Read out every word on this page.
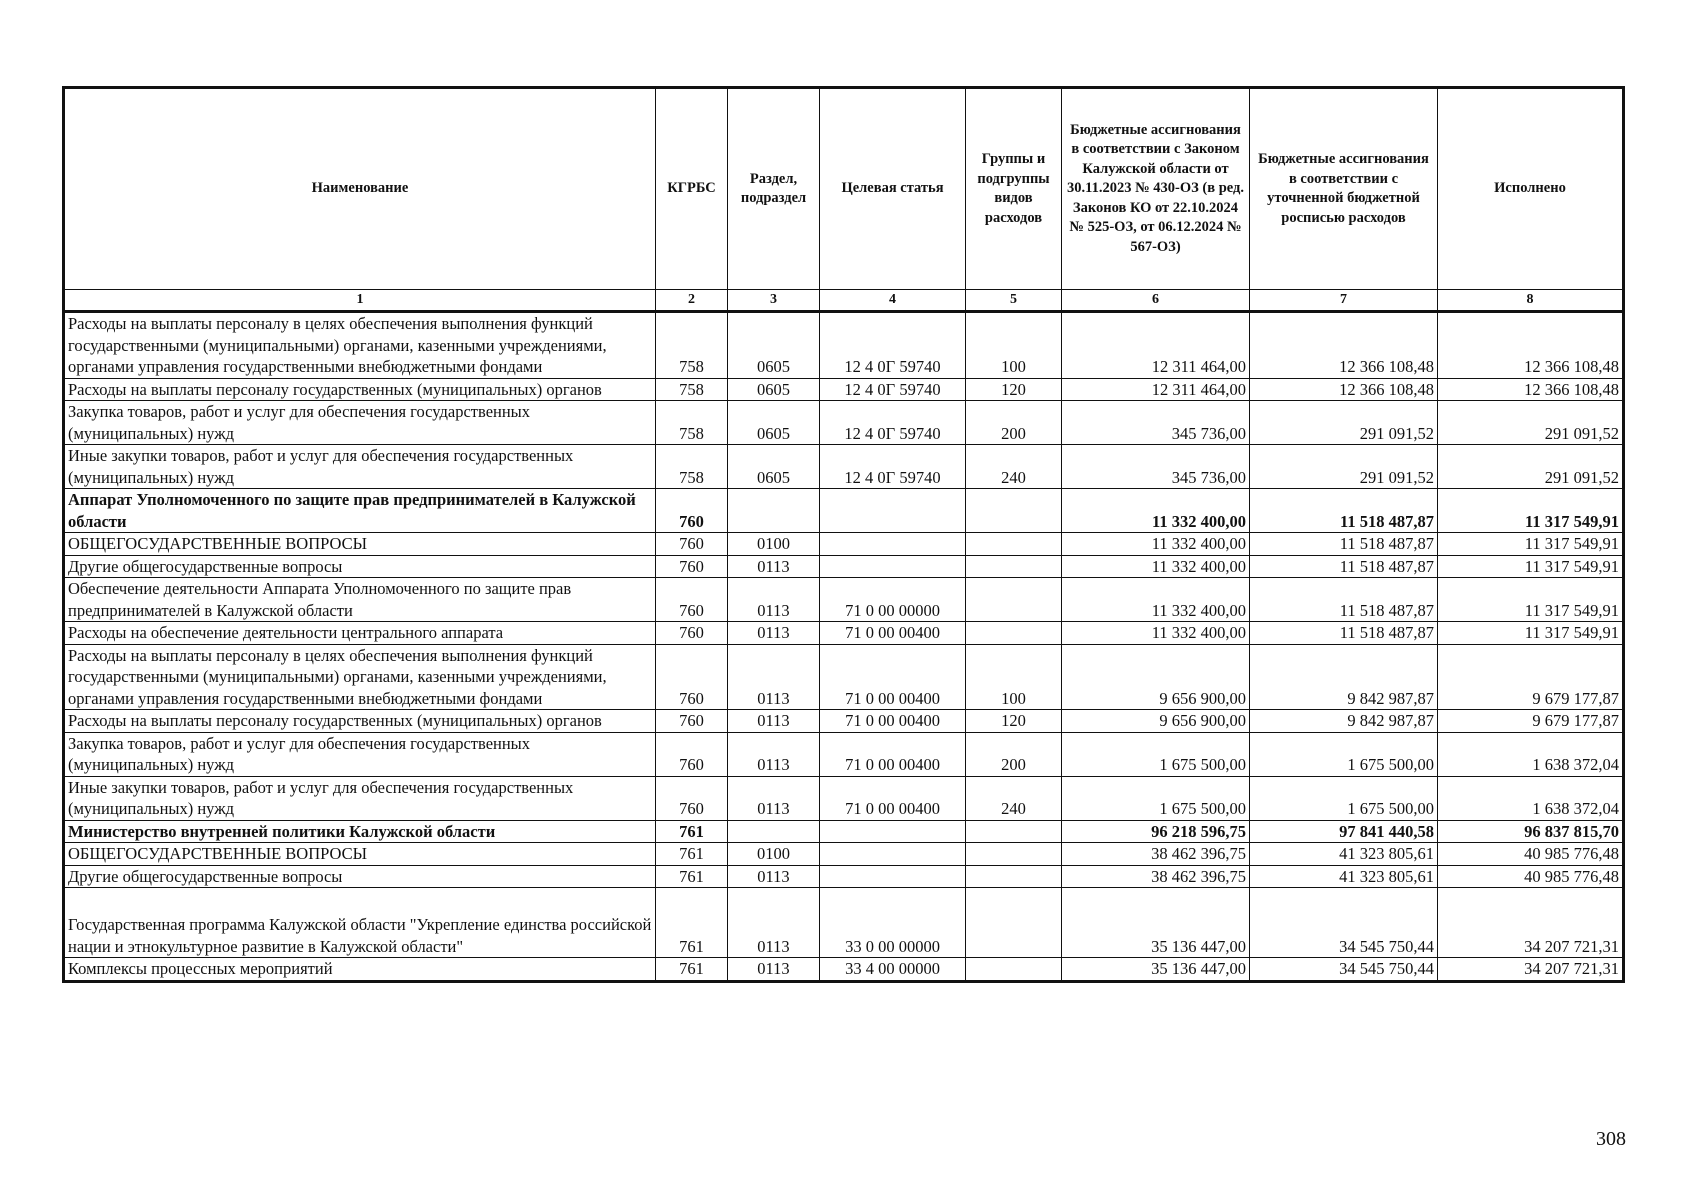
Наименование	КГРБС	Раздел, подраздел	Целевая статья	Группы и подгруппы видов расходов	Бюджетные ассигнования в соответствии с Законом Калужской области от 30.11.2023 № 430-ОЗ (в ред. Законов КО от 22.10.2024 № 525-ОЗ, от 06.12.2024 № 567-ОЗ)	Бюджетные ассигнования в соответствии с уточненной бюджетной росписью расходов	Исполнено
1	2	3	4	5	6	7	8
Расходы на выплаты персоналу в целях обеспечения выполнения функций государственными (муниципальными) органами, казенными учреждениями, органами управления государственными внебюджетными фондами	758	0605	12 4 0Г 59740	100	12 311 464,00	12 366 108,48	12 366 108,48
Расходы на выплаты персоналу государственных (муниципальных) органов	758	0605	12 4 0Г 59740	120	12 311 464,00	12 366 108,48	12 366 108,48
Закупка товаров, работ и услуг для обеспечения государственных (муниципальных) нужд	758	0605	12 4 0Г 59740	200	345 736,00	291 091,52	291 091,52
Иные закупки товаров, работ и услуг для обеспечения государственных (муниципальных) нужд	758	0605	12 4 0Г 59740	240	345 736,00	291 091,52	291 091,52
Аппарат Уполномоченного по защите прав предпринимателей в Калужской области	760				11 332 400,00	11 518 487,87	11 317 549,91
ОБЩЕГОСУДАРСТВЕННЫЕ ВОПРОСЫ	760	0100			11 332 400,00	11 518 487,87	11 317 549,91
Другие общегосударственные вопросы	760	0113			11 332 400,00	11 518 487,87	11 317 549,91
Обеспечение деятельности Аппарата Уполномоченного по защите прав предпринимателей в Калужской области	760	0113	71 0 00 00000		11 332 400,00	11 518 487,87	11 317 549,91
Расходы на обеспечение деятельности центрального аппарата	760	0113	71 0 00 00400		11 332 400,00	11 518 487,87	11 317 549,91
Расходы на выплаты персоналу в целях обеспечения выполнения функций государственными (муниципальными) органами, казенными учреждениями, органами управления государственными внебюджетными фондами	760	0113	71 0 00 00400	100	9 656 900,00	9 842 987,87	9 679 177,87
Расходы на выплаты персоналу государственных (муниципальных) органов	760	0113	71 0 00 00400	120	9 656 900,00	9 842 987,87	9 679 177,87
Закупка товаров, работ и услуг для обеспечения государственных (муниципальных) нужд	760	0113	71 0 00 00400	200	1 675 500,00	1 675 500,00	1 638 372,04
Иные закупки товаров, работ и услуг для обеспечения государственных (муниципальных) нужд	760	0113	71 0 00 00400	240	1 675 500,00	1 675 500,00	1 638 372,04
Министерство внутренней политики Калужской области	761				96 218 596,75	97 841 440,58	96 837 815,70
ОБЩЕГОСУДАРСТВЕННЫЕ ВОПРОСЫ	761	0100			38 462 396,75	41 323 805,61	40 985 776,48
Другие общегосударственные вопросы	761	0113			38 462 396,75	41 323 805,61	40 985 776,48
Государственная программа Калужской области "Укрепление единства российской нации и этнокультурное развитие в Калужской области"	761	0113	33 0 00 00000		35 136 447,00	34 545 750,44	34 207 721,31
Комплексы процессных мероприятий	761	0113	33 4 00 00000		35 136 447,00	34 545 750,44	34 207 721,31
308
